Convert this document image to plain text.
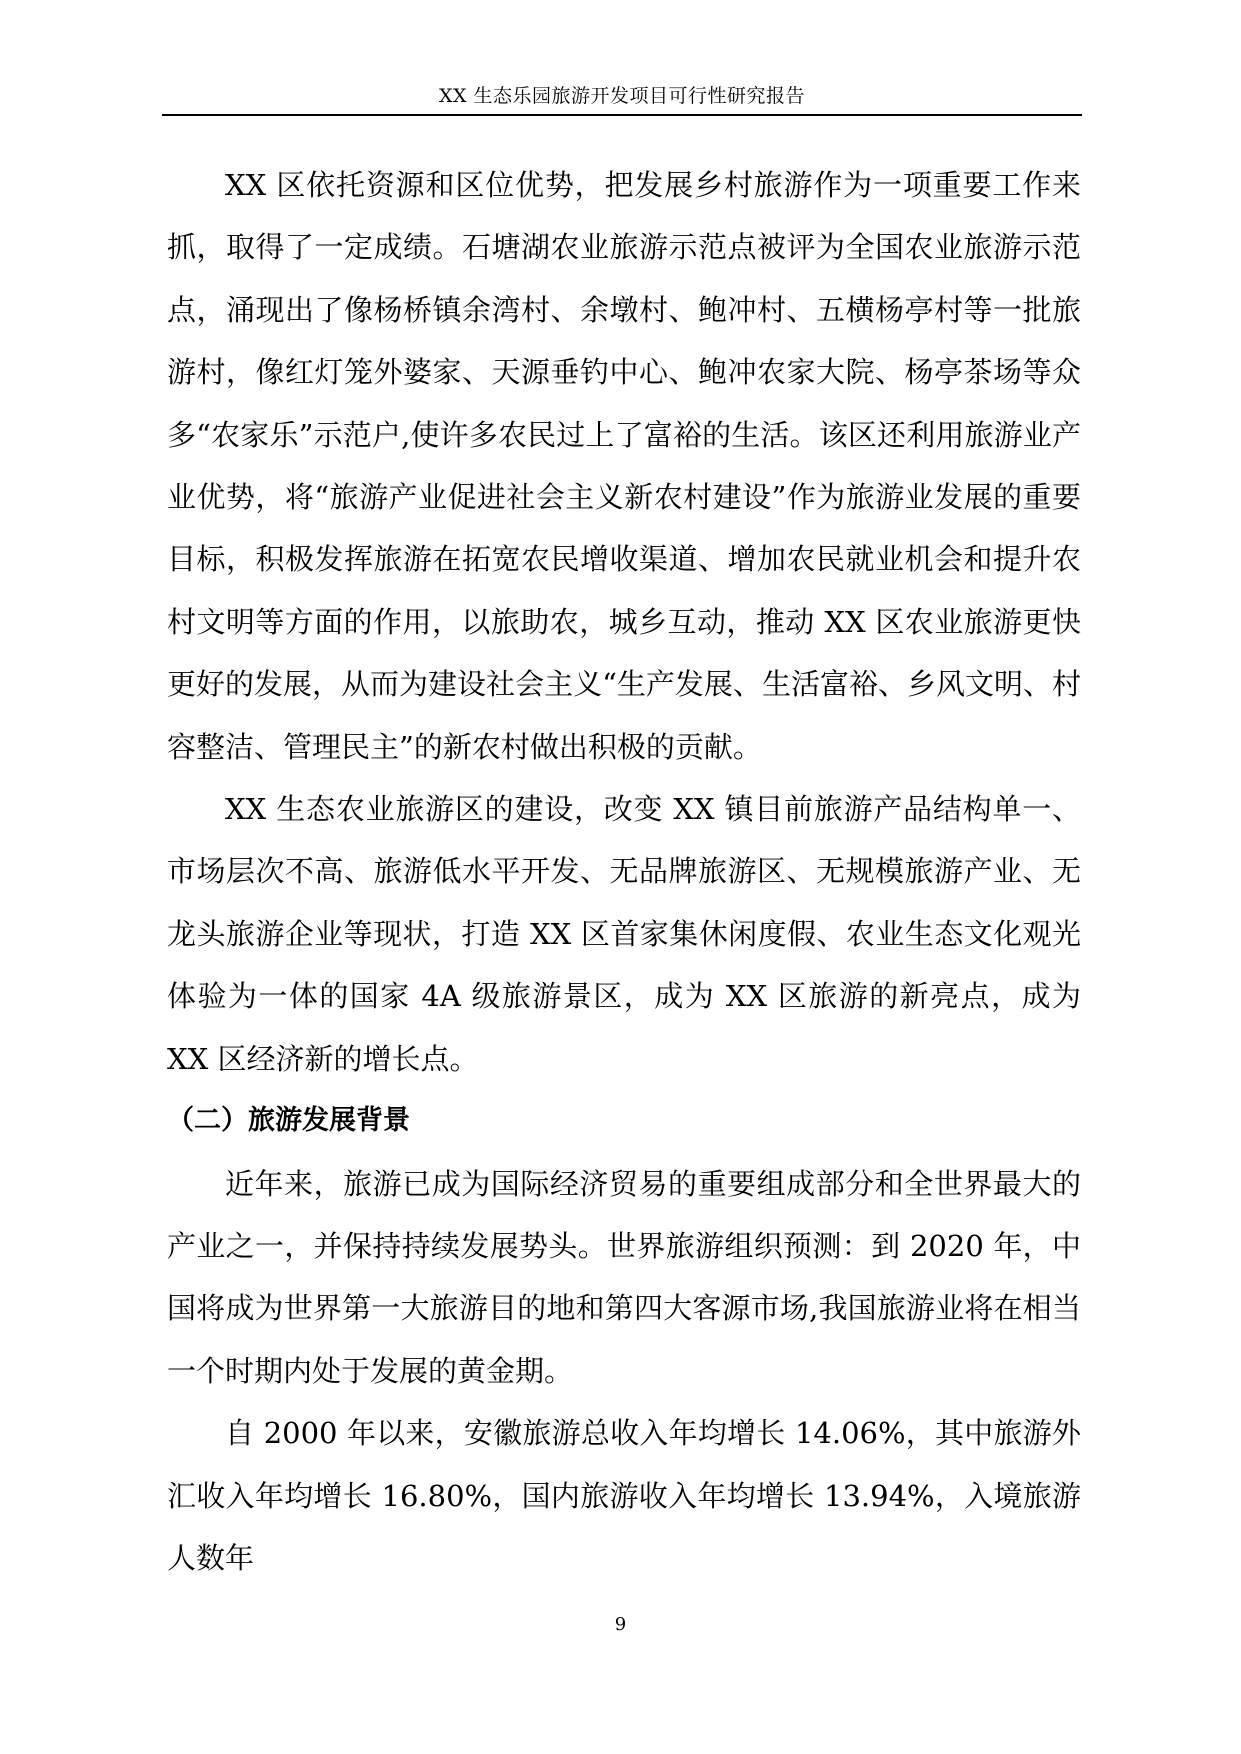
XX 生态乐园旅游开发项目可行性研究报告

XX 区依托资源和区位优势，把发展乡村旅游作为一项重要工作来抓，取得了一定成绩。石塘湖农业旅游示范点被评为全国农业旅游示范点，涌现出了像杨桥镇余湾村、余墩村、鲍冲村、五横杨亭村等一批旅游村，像红灯笼外婆家、天源垂钓中心、鲍冲农家大院、杨亭茶场等众多“农家乐”示范户,使许多农民过上了富裕的生活。该区还利用旅游业产业优势，将“旅游产业促进社会主义新农村建设”作为旅游业发展的重要目标，积极发挥旅游在拓宽农民增收渠道、增加农民就业机会和提升农村文明等方面的作用，以旅助农，城乡互动，推动 XX 区农业旅游更快更好的发展，从而为建设社会主义“生产发展、生活富裕、乡风文明、村容整洁、管理民主”的新农村做出积极的贡献。

XX 生态农业旅游区的建设，改变 XX 镇目前旅游产品结构单一、市场层次不高、旅游低水平开发、无品牌旅游区、无规模旅游产业、无龙头旅游企业等现状，打造 XX 区首家集休闲度假、农业生态文化观光体验为一体的国家 4A 级旅游景区，成为 XX 区旅游的新亮点，成为 XX 区经济新的增长点。

（二）旅游发展背景

近年来，旅游已成为国际经济贸易的重要组成部分和全世界最大的产业之一，并保持持续发展势头。世界旅游组织预测：到 2020 年，中国将成为世界第一大旅游目的地和第四大客源市场,我国旅游业将在相当一个时期内处于发展的黄金期。

自 2000 年以来，安徽旅游总收入年均增长 14.06%，其中旅游外汇收入年均增长 16.80%，国内旅游收入年均增长 13.94%，入境旅游人数年

9
